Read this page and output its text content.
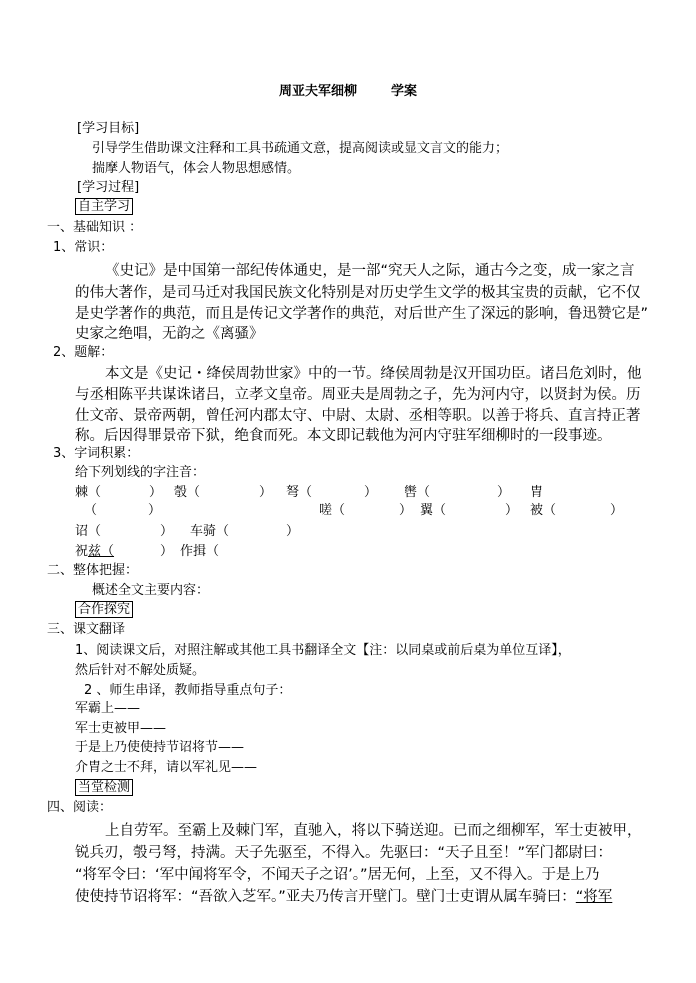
周亚夫军细柳	学案
[学习目标]
引导学生借助课文注释和工具书疏通文意，提高阅读或显文言文的能力；
揣摩人物语气，体会人物思想感情。
[学习过程]
自主学习
一、基础知识 ：
1、常识：
《史记》是中国第一部纪传体通史，是一部“究天人之际，通古今之变，成一家之言
的伟大著作，是司马迁对我国民族文化特别是对历史学生文学的极其宝贵的贡献，它不仅
是史学著作的典范，而且是传记文学著作的典范，对后世产生了深远的影响，鲁迅赞它是”
史家之绝唱，无韵之《离骚》
2、题解：
本文是《史记・绛侯周勃世家》中的一节。绛侯周勃是汉开国功臣。诸吕危刘时，他
与丞相陈平共谋诛诸吕，立孝文皇帝。周亚夫是周勃之子，先为河内守，以贤封为侯。历
仕文帝、景帝两朝，曾任河内郡太守、中尉、太尉、丞相等职。以善于将兵、直言持正著
称。后因得罪景帝下狱，绝食而死。本文即记载他为河内守驻军细柳时的一段事迹。
3、字词积累：
给下列划线的字注音：
棘（	） 彀（	） 弩（	） 辔（	） 胄
（	）	嗟（	） 翼（	） 被（	）
诏（	） 车骑（	）
祝兹（	） 作揖（
二、整体把握：
概述全文主要内容：
合作探究
三、课文翻译
1、阅读课文后，对照注解或其他工具书翻译全文【注：以同桌或前后桌为单位互译】，
然后针对不解处质疑。
2 、师生串译，教师指导重点句子：
军霸上——
军士吏被甲——
于是上乃使使持节诏将节——
介胄之士不拜，请以军礼见——
当堂检测
四、阅读：
上自劳军。至霸上及棘门军，直驰入，将以下骑送迎。已而之细柳军，军士吏被甲，
锐兵刃，彀弓弩，持满。天子先驱至，不得入。先驱曰：“天子且至！”军门都尉曰：
“将军令曰：‘军中闻将军令，不闻天子之诏’。”居无何，上至，又不得入。于是上乃
使使持节诏将军：“吾欲入芝军。”亚夫乃传言开壁门。壁门士吏谓从属车骑曰：“将军
